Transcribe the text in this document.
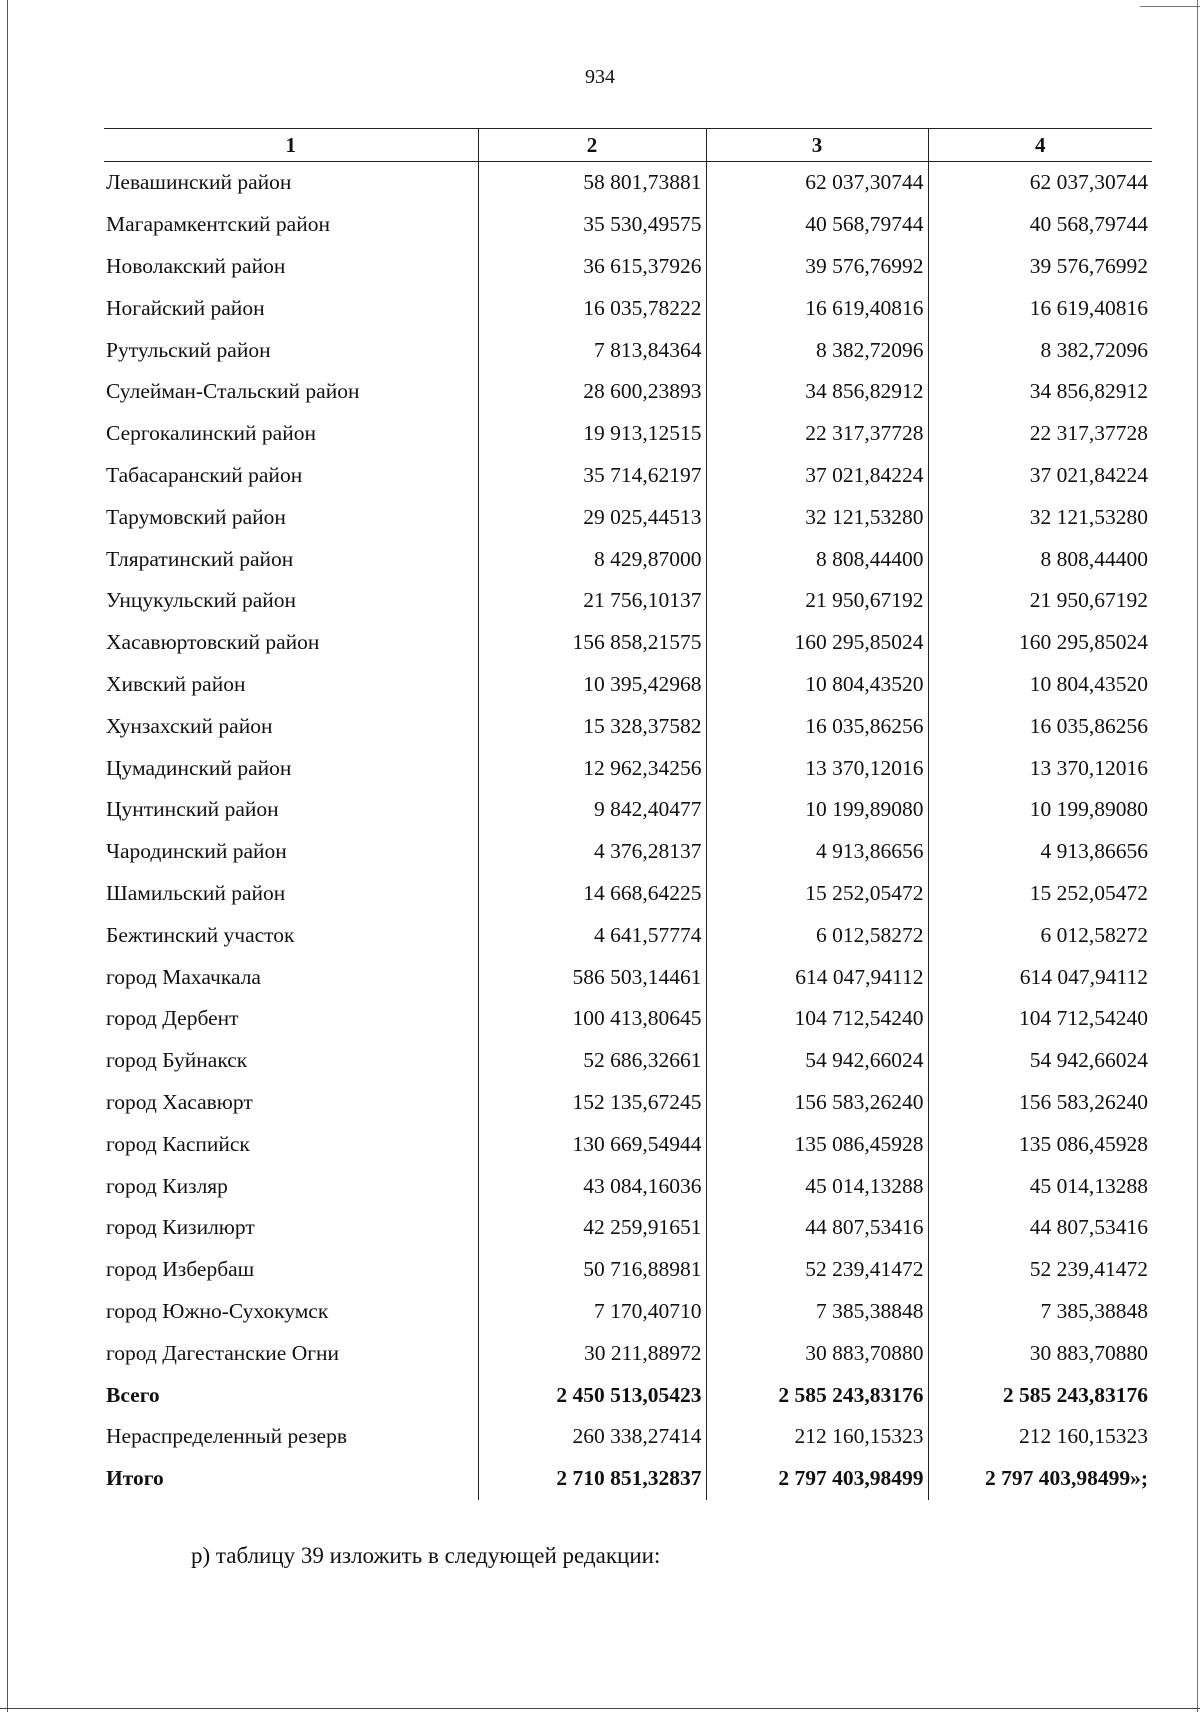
934
1	2	3	4
Левашинский район	58 801,73881	62 037,30744	62 037,30744
Магарамкентский район	35 530,49575	40 568,79744	40 568,79744
Новолакский район	36 615,37926	39 576,76992	39 576,76992
Ногайский район	16 035,78222	16 619,40816	16 619,40816
Рутульский район	7 813,84364	8 382,72096	8 382,72096
Сулейман-Стальский район	28 600,23893	34 856,82912	34 856,82912
Сергокалинский район	19 913,12515	22 317,37728	22 317,37728
Табасаранский район	35 714,62197	37 021,84224	37 021,84224
Тарумовский район	29 025,44513	32 121,53280	32 121,53280
Тляратинский район	8 429,87000	8 808,44400	8 808,44400
Унцукульский район	21 756,10137	21 950,67192	21 950,67192
Хасавюртовский район	156 858,21575	160 295,85024	160 295,85024
Хивский район	10 395,42968	10 804,43520	10 804,43520
Хунзахский район	15 328,37582	16 035,86256	16 035,86256
Цумадинский район	12 962,34256	13 370,12016	13 370,12016
Цунтинский район	9 842,40477	10 199,89080	10 199,89080
Чародинский район	4 376,28137	4 913,86656	4 913,86656
Шамильский район	14 668,64225	15 252,05472	15 252,05472
Бежтинский участок	4 641,57774	6 012,58272	6 012,58272
город Махачкала	586 503,14461	614 047,94112	614 047,94112
город Дербент	100 413,80645	104 712,54240	104 712,54240
город Буйнакск	52 686,32661	54 942,66024	54 942,66024
город Хасавюрт	152 135,67245	156 583,26240	156 583,26240
город Каспийск	130 669,54944	135 086,45928	135 086,45928
город Кизляр	43 084,16036	45 014,13288	45 014,13288
город Кизилюрт	42 259,91651	44 807,53416	44 807,53416
город Избербаш	50 716,88981	52 239,41472	52 239,41472
город Южно-Сухокумск	7 170,40710	7 385,38848	7 385,38848
город Дагестанские Огни	30 211,88972	30 883,70880	30 883,70880
Всего	2 450 513,05423	2 585 243,83176	2 585 243,83176
Нераспределенный резерв	260 338,27414	212 160,15323	212 160,15323
Итого	2 710 851,32837	2 797 403,98499	2 797 403,98499»;
р) таблицу 39 изложить в следующей редакции:
